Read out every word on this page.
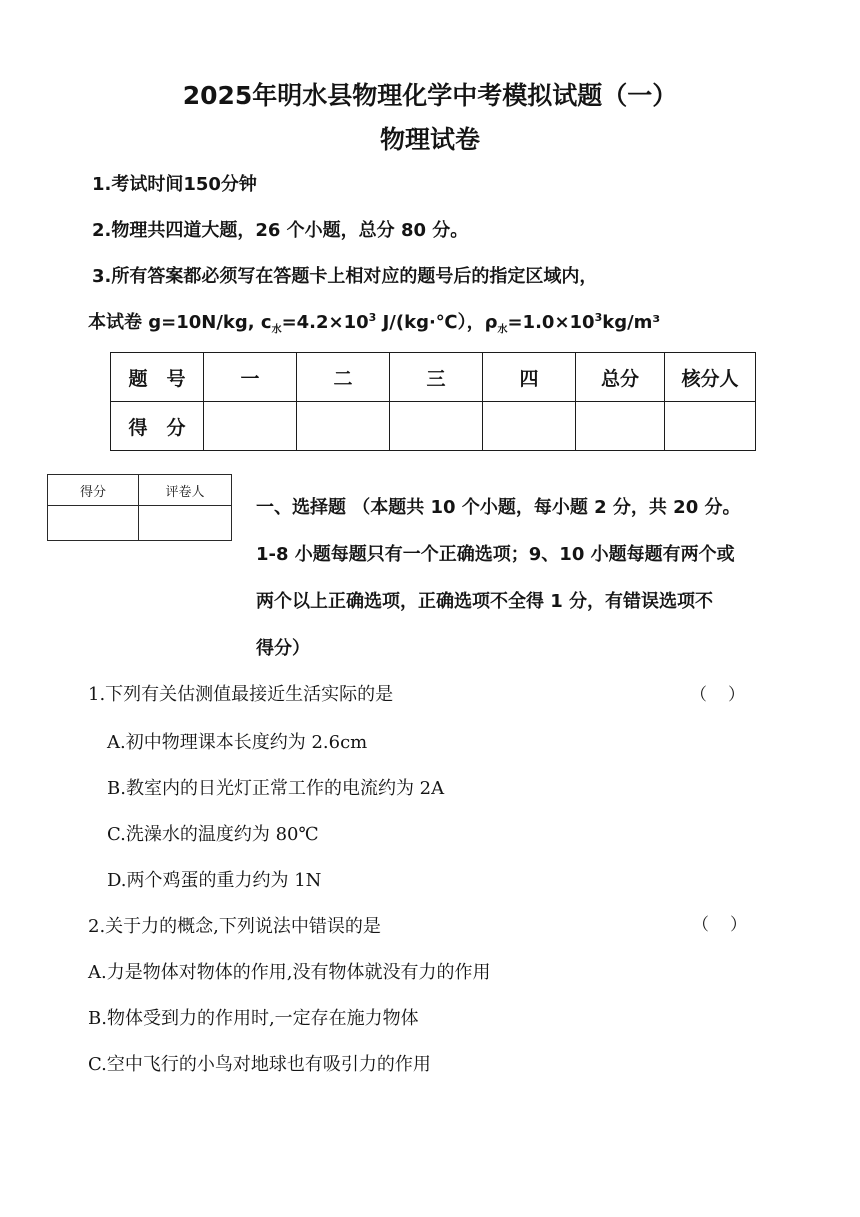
2025年明水县物理化学中考模拟试题（一）
物理试卷
1.考试时间150分钟
2.物理共四道大题，26 个小题，总分 80 分。
3.所有答案都必须写在答题卡上相对应的题号后的指定区域内，
本试卷 g=10N/kg, $c_水=4.2\times 10^3$ J/(kg·℃），$\rho_水=1.0\times 10^3kg/m^3$
题　号	一	二	三	四	总分	核分人
得　分						
得分	评卷人

一、选择题 （本题共 10 个小题，每小题 2 分，共 20 分。
1-8 小题每题只有一个正确选项；9、10 小题每题有两个或
两个以上正确选项，正确选项不全得 1 分，有错误选项不
得分）
1.下列有关估测值最接近生活实际的是	（　）
A.初中物理课本长度约为 2.6cm
B.教室内的日光灯正常工作的电流约为 2A
C.洗澡水的温度约为 80℃
D.两个鸡蛋的重力约为 1N
2.关于力的概念,下列说法中错误的是	（　）
A.力是物体对物体的作用,没有物体就没有力的作用
B.物体受到力的作用时,一定存在施力物体
C.空中飞行的小鸟对地球也有吸引力的作用
